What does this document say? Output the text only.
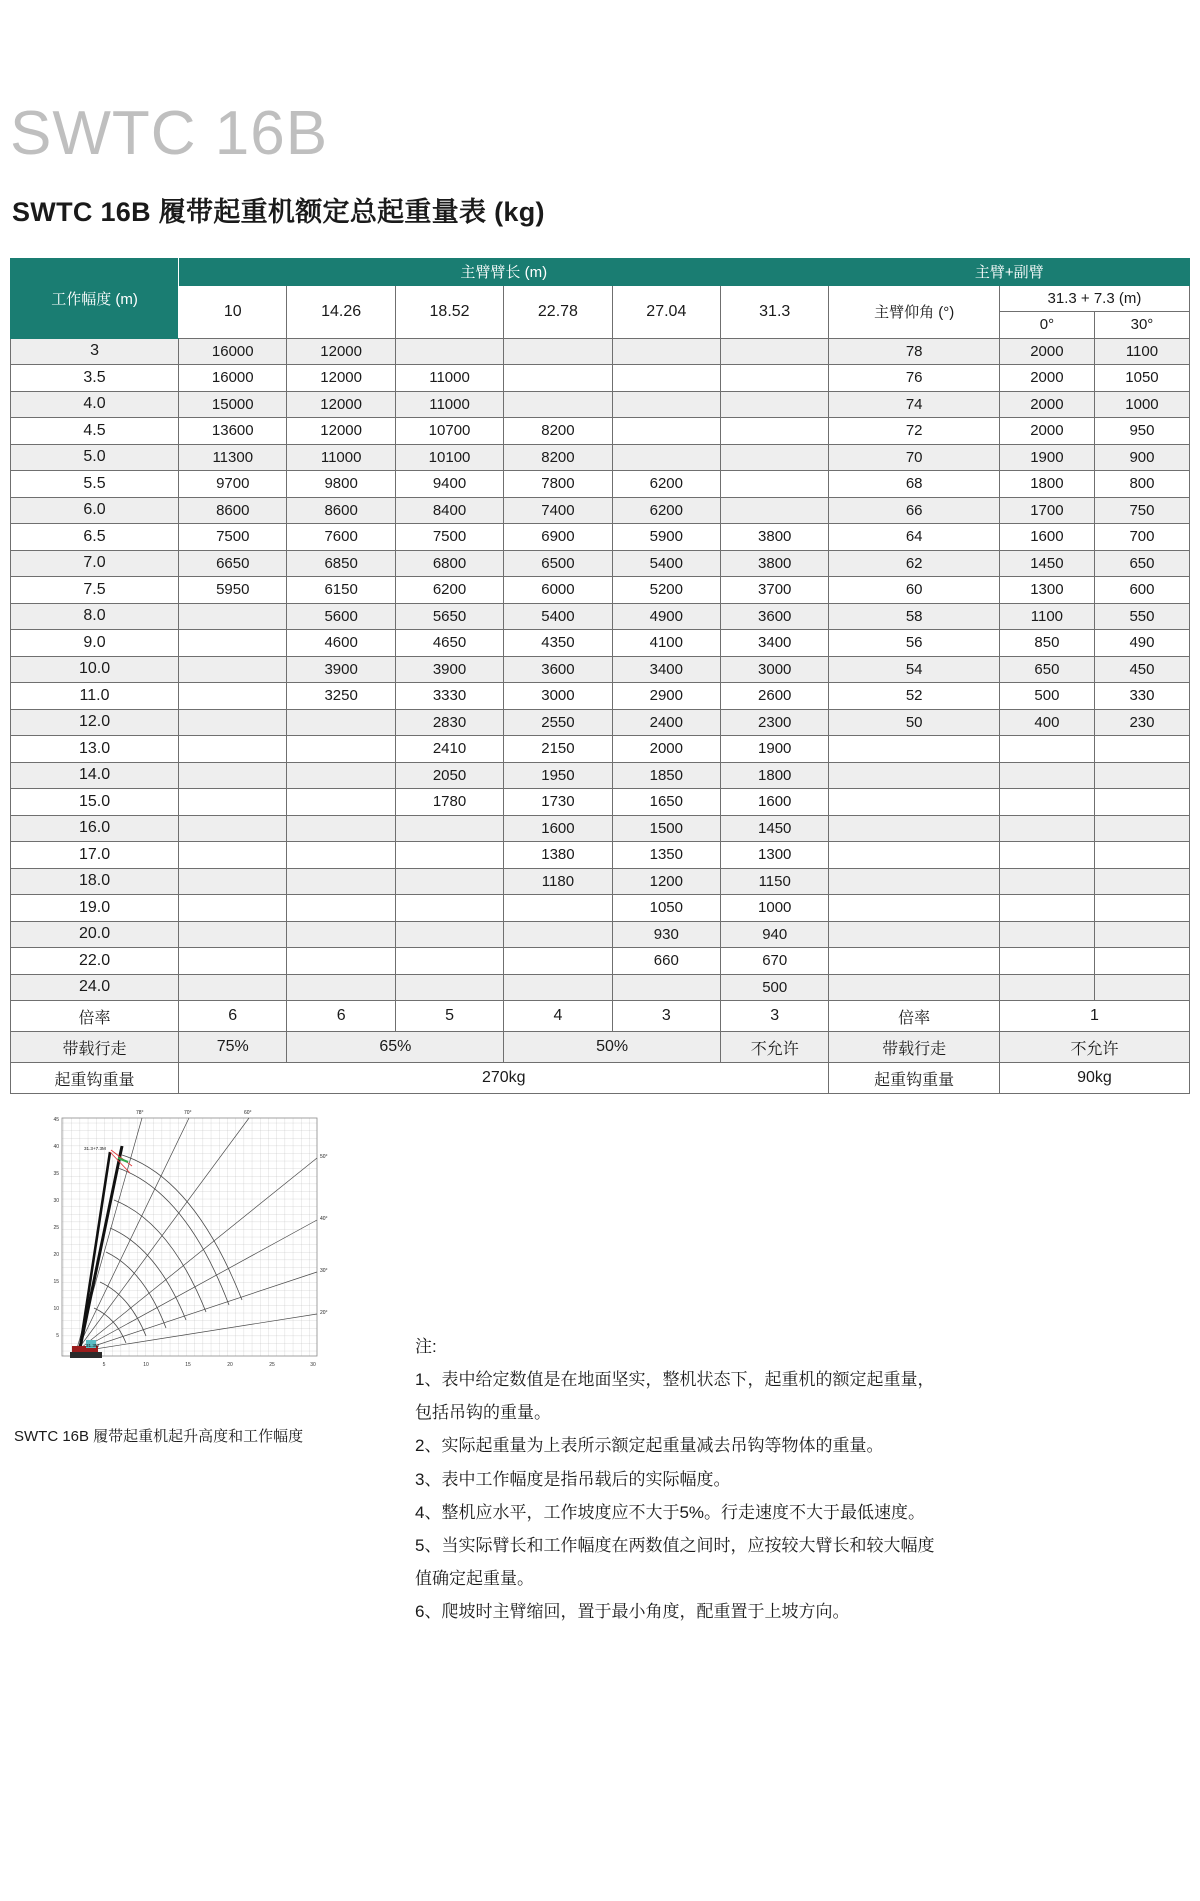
SWTC 16B
SWTC 16B 履带起重机额定总起重量表 (kg)
工作幅度 (m)	主臂臂长 (m)						主臂+副臂		
	10	14.26	18.52	22.78	27.04	31.3	主臂仰角 (°)	31.3 + 7.3 (m)	
								0°	30°
3	16000	12000					78	2000	1100
3.5	16000	12000	11000				76	2000	1050
4.0	15000	12000	11000				74	2000	1000
4.5	13600	12000	10700	8200			72	2000	950
5.0	11300	11000	10100	8200			70	1900	900
5.5	9700	9800	9400	7800	6200		68	1800	800
6.0	8600	8600	8400	7400	6200		66	1700	750
6.5	7500	7600	7500	6900	5900	3800	64	1600	700
7.0	6650	6850	6800	6500	5400	3800	62	1450	650
7.5	5950	6150	6200	6000	5200	3700	60	1300	600
8.0		5600	5650	5400	4900	3600	58	1100	550
9.0		4600	4650	4350	4100	3400	56	850	490
10.0		3900	3900	3600	3400	3000	54	650	450
11.0		3250	3330	3000	2900	2600	52	500	330
12.0			2830	2550	2400	2300	50	400	230
13.0			2410	2150	2000	1900			
14.0			2050	1950	1850	1800			
15.0			1780	1730	1650	1600			
16.0				1600	1500	1450			
17.0				1380	1350	1300			
18.0				1180	1200	1150			
19.0					1050	1000			
20.0					930	940			
22.0					660	670			
24.0						500			
倍率	6	6	5	4	3	3	倍率	1	
带载行走	75%	65%		50%		不允许	带载行走	不允许	
起重钩重量	270kg						起重钩重量	90kg	
45
40
35
30
25
20
15
10
5
5	10	15	20	25	30
78°	70°	60°
50°
40°
30°
20°
31.3+7.3M
31.3M
SWTC 16B 履带起重机起升高度和工作幅度
注:
1、表中给定数值是在地面坚实，整机状态下，起重机的额定起重量，包括吊钩的重量。
2、实际起重量为上表所示额定起重量减去吊钩等物体的重量。
3、表中工作幅度是指吊载后的实际幅度。
4、整机应水平，工作坡度应不大于5%。行走速度不大于最低速度。
5、当实际臂长和工作幅度在两数值之间时，应按较大臂长和较大幅度值确定起重量。
6、爬坡时主臂缩回，置于最小角度，配重置于上坡方向。
